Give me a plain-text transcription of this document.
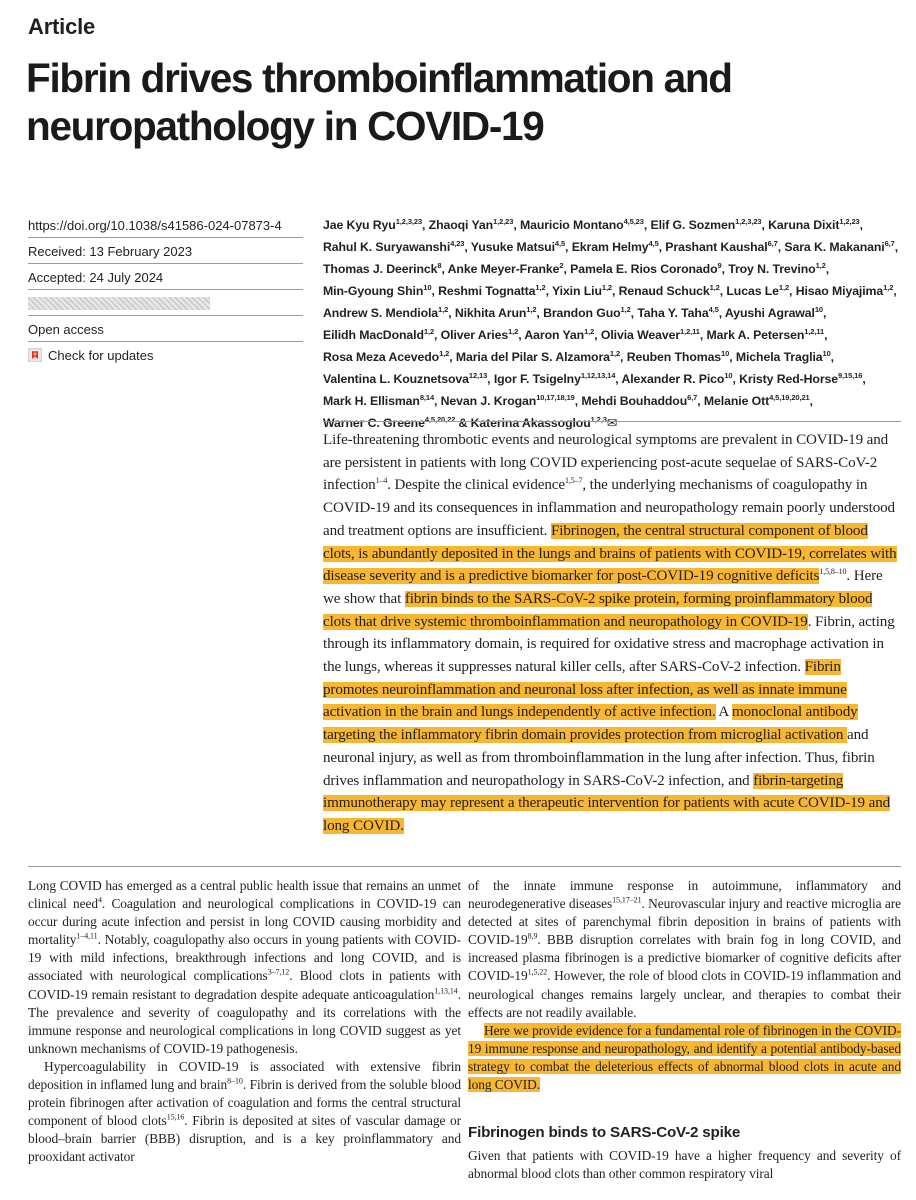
Article
Fibrin drives thromboinflammation and
neuropathology in COVID-19
https://doi.org/10.1038/s41586-024-07873-4
Received: 13 February 2023
Accepted: 24 July 2024
Open access
Check for updates
Jae Kyu Ryu$^{1,2,3,23}$, Zhaoqi Yan$^{1,2,23}$, Mauricio Montano$^{4,5,23}$, Elif G. Sozmen$^{1,2,3,23}$, Karuna Dixit$^{1,2,23}$, Rahul K. Suryawanshi$^{4,23}$, Yusuke Matsui$^{4,5}$, Ekram Helmy$^{4,5}$, Prashant Kaushal$^{6,7}$, Sara K. Makanani$^{6,7}$, Thomas J. Deerinck$^8$, Anke Meyer-Franke$^2$, Pamela E. Rios Coronado$^9$, Troy N. Trevino$^{1,2}$, Min-Gyoung Shin$^{10}$, Reshmi Tognatta$^{1,2}$, Yixin Liu$^{1,2}$, Renaud Schuck$^{1,2}$, Lucas Le$^{1,2}$, Hisao Miyajima$^{1,2}$, Andrew S. Mendiola$^{1,2}$, Nikhita Arun$^{1,2}$, Brandon Guo$^{1,2}$, Taha Y. Taha$^{4,5}$, Ayushi Agrawal$^{10}$, Eilidh MacDonald$^{1,2}$, Oliver Aries$^{1,2}$, Aaron Yan$^{1,2}$, Olivia Weaver$^{1,2,11}$, Mark A. Petersen$^{1,2,11}$, Rosa Meza Acevedo$^{1,2}$, Maria del Pilar S. Alzamora$^{1,2}$, Reuben Thomas$^{10}$, Michela Traglia$^{10}$, Valentina L. Kouznetsova$^{12,13}$, Igor F. Tsigelny$^{1,12,13,14}$, Alexander R. Pico$^{10}$, Kristy Red-Horse$^{9,15,16}$, Mark H. Ellisman$^{8,14}$, Nevan J. Krogan$^{10,17,18,19}$, Mehdi Bouhaddou$^{6,7}$, Melanie Ott$^{4,5,19,20,21}$, Warner C. Greene$^{4,5,20,22}$ & Katerina Akassoglou$^{1,2,3}$✉
Life-threatening thrombotic events and neurological symptoms are prevalent in COVID-19 and are persistent in patients with long COVID experiencing post-acute sequelae of SARS-CoV-2 infection$^{1-4}$. Despite the clinical evidence$^{1,5-7}$, the underlying mechanisms of coagulopathy in COVID-19 and its consequences in inflammation and neuropathology remain poorly understood and treatment options are insufficient. Fibrinogen, the central structural component of blood clots, is abundantly deposited in the lungs and brains of patients with COVID-19, correlates with disease severity and is a predictive biomarker for post-COVID-19 cognitive deficits$^{1,5,8-10}$. Here we show that fibrin binds to the SARS-CoV-2 spike protein, forming proinflammatory blood clots that drive systemic thromboinflammation and neuropathology in COVID-19. Fibrin, acting through its inflammatory domain, is required for oxidative stress and macrophage activation in the lungs, whereas it suppresses natural killer cells, after SARS-CoV-2 infection. Fibrin promotes neuroinflammation and neuronal loss after infection, as well as innate immune activation in the brain and lungs independently of active infection. A monoclonal antibody targeting the inflammatory fibrin domain provides protection from microglial activation and neuronal injury, as well as from thromboinflammation in the lung after infection. Thus, fibrin drives inflammation and neuropathology in SARS-CoV-2 infection, and fibrin-targeting immunotherapy may represent a therapeutic intervention for patients with acute COVID-19 and long COVID.

Long COVID has emerged as a central public health issue that remains an unmet clinical need$^4$. Coagulation and neurological complications in COVID-19 can occur during acute infection and persist in long COVID causing morbidity and mortality$^{1-4,11}$. Notably, coagulopathy also occurs in young patients with COVID-19 with mild infections, breakthrough infections and long COVID, and is associated with neurological complications$^{3-7,12}$. Blood clots in patients with COVID-19 remain resistant to degradation despite adequate anticoagulation$^{1,13,14}$. The prevalence and severity of coagulopathy and its correlations with the immune response and neurological complications in long COVID suggest as yet unknown mechanisms of COVID-19 pathogenesis.

Hypercoagulability in COVID-19 is associated with extensive fibrin deposition in inflamed lung and brain$^{8-10}$. Fibrin is derived from the soluble blood protein fibrinogen after activation of coagulation and forms the central structural component of blood clots$^{15,16}$. Fibrin is deposited at sites of vascular damage or blood–brain barrier (BBB) disruption, and is a key proinflammatory and prooxidant activator

of the innate immune response in autoimmune, inflammatory and neurodegenerative diseases$^{15,17-21}$. Neurovascular injury and reactive microglia are detected at sites of parenchymal fibrin deposition in brains of patients with COVID-19$^{8,9}$. BBB disruption correlates with brain fog in long COVID, and increased plasma fibrinogen is a predictive biomarker of cognitive deficits after COVID-19$^{1,5,22}$. However, the role of blood clots in COVID-19 inflammation and neurological changes remains largely unclear, and therapies to combat their effects are not readily available.

Here we provide evidence for a fundamental role of fibrinogen in the COVID-19 immune response and neuropathology, and identify a potential antibody-based strategy to combat the deleterious effects of abnormal blood clots in acute and long COVID.

Fibrinogen binds to SARS-CoV-2 spike

Given that patients with COVID-19 have a higher frequency and severity of abnormal blood clots than other common respiratory viral
